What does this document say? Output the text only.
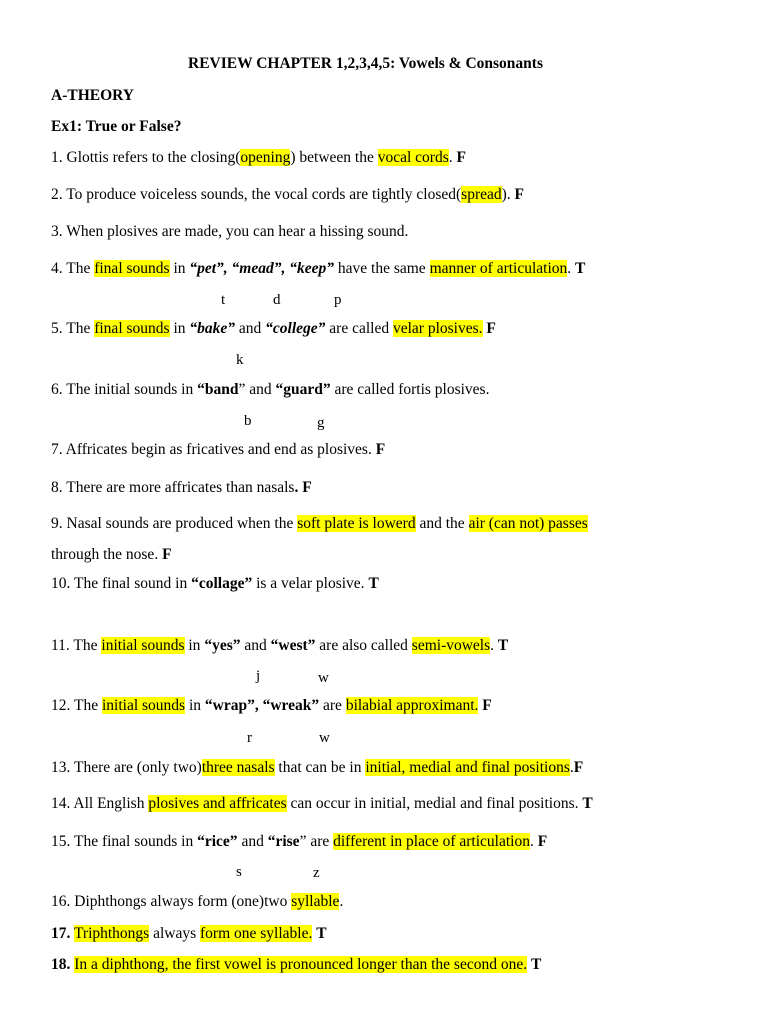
REVIEW CHAPTER 1,2,3,4,5: Vowels & Consonants
A-THEORY
Ex1: True or False?
1. Glottis refers to the closing(opening) between the vocal cords. F
2. To produce voiceless sounds, the vocal cords are tightly closed(spread). F
3. When plosives are made, you can hear a hissing sound.
4. The final sounds in “pet”, “mead”, “keep” have the same manner of articulation. T
t	d	p
5. The final sounds in “bake” and “college” are called velar plosives. F
k
6. The initial sounds in “band” and “guard” are called fortis plosives.
b	g
7. Affricates begin as fricatives and end as plosives. F
8. There are more affricates than nasals. F
9. Nasal sounds are produced when the soft plate is lowerd and the air (can not) passes
through the nose. F
10. The final sound in “collage” is a velar plosive. T
11. The initial sounds in “yes” and “west” are also called semi-vowels. T
j	w
12. The initial sounds in “wrap”, “wreak” are bilabial approximant. F
r	w
13. There are (only two)three nasals that can be in initial, medial and final positions.F
14. All English plosives and affricates can occur in initial, medial and final positions. T
15. The final sounds in “rice” and “rise” are different in place of articulation. F
s	z
16. Diphthongs always form (one)two syllable.
17. Triphthongs always form one syllable. T
18. In a diphthong, the first vowel is pronounced longer than the second one. T
